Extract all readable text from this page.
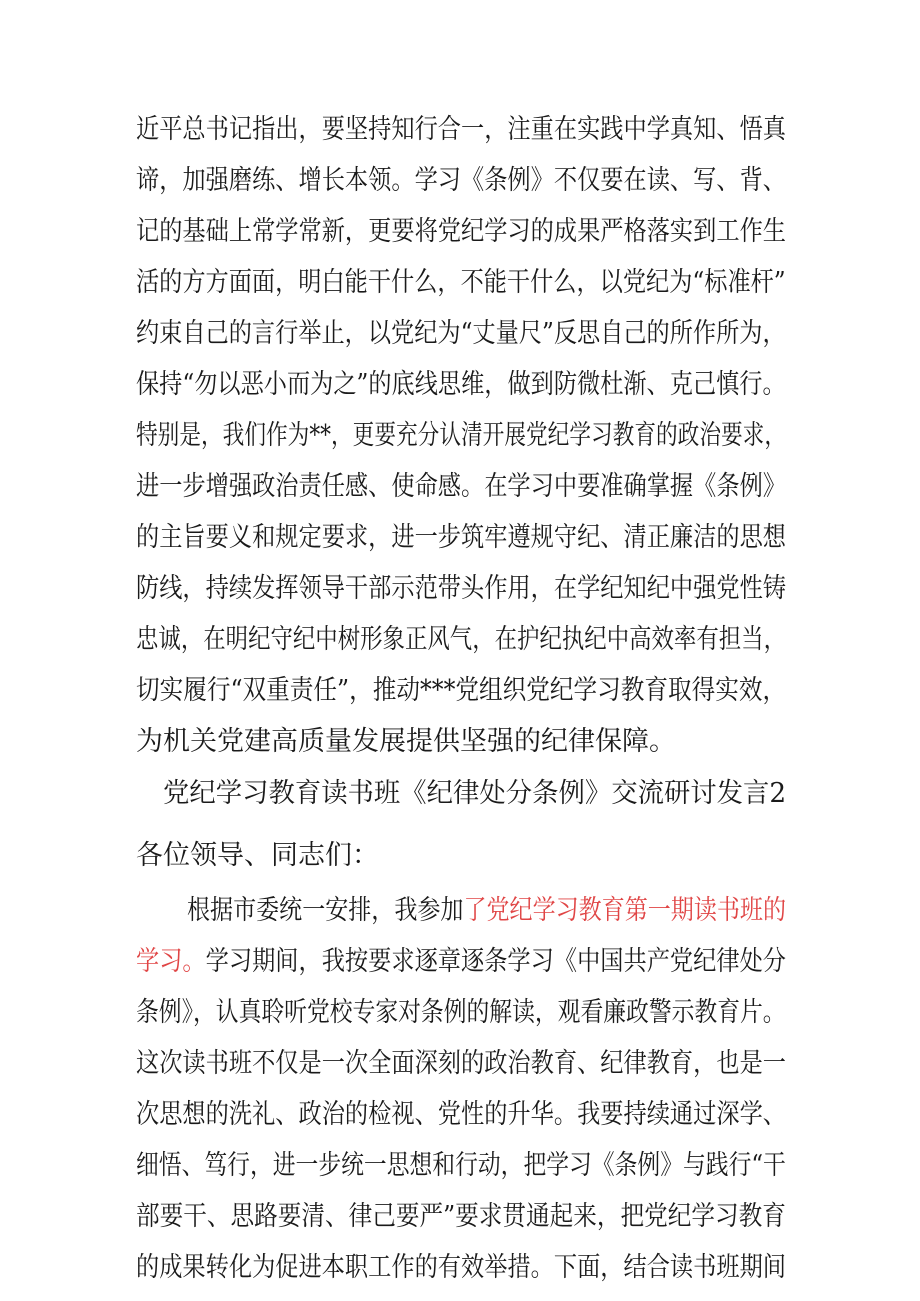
近平总书记指出，要坚持知行合一，注重在实践中学真知、悟真
谛，加强磨练、增长本领。学习《条例》不仅要在读、写、背、
记的基础上常学常新，更要将党纪学习的成果严格落实到工作生
活的方方面面，明白能干什么，不能干什么，以党纪为“标准杆”
约束自己的言行举止，以党纪为“丈量尺”反思自己的所作所为，
保持“勿以恶小而为之”的底线思维，做到防微杜渐、克己慎行。
特别是，我们作为**，更要充分认清开展党纪学习教育的政治要求，
进一步增强政治责任感、使命感。在学习中要准确掌握《条例》
的主旨要义和规定要求，进一步筑牢遵规守纪、清正廉洁的思想
防线，持续发挥领导干部示范带头作用，在学纪知纪中强党性铸
忠诚，在明纪守纪中树形象正风气，在护纪执纪中高效率有担当，
切实履行“双重责任”，推动***党组织党纪学习教育取得实效，
为机关党建高质量发展提供坚强的纪律保障。
党纪学习教育读书班《纪律处分条例》交流研讨发言2
各位领导、同志们：
根据市委统一安排，我参加了党纪学习教育第一期读书班的
学习。学习期间，我按要求逐章逐条学习《中国共产党纪律处分
条例》，认真聆听党校专家对条例的解读，观看廉政警示教育片。
这次读书班不仅是一次全面深刻的政治教育、纪律教育，也是一
次思想的洗礼、政治的检视、党性的升华。我要持续通过深学、
细悟、笃行，进一步统一思想和行动，把学习《条例》与践行“干
部要干、思路要清、律己要严”要求贯通起来，把党纪学习教育
的成果转化为促进本职工作的有效举措。下面，结合读书班期间
